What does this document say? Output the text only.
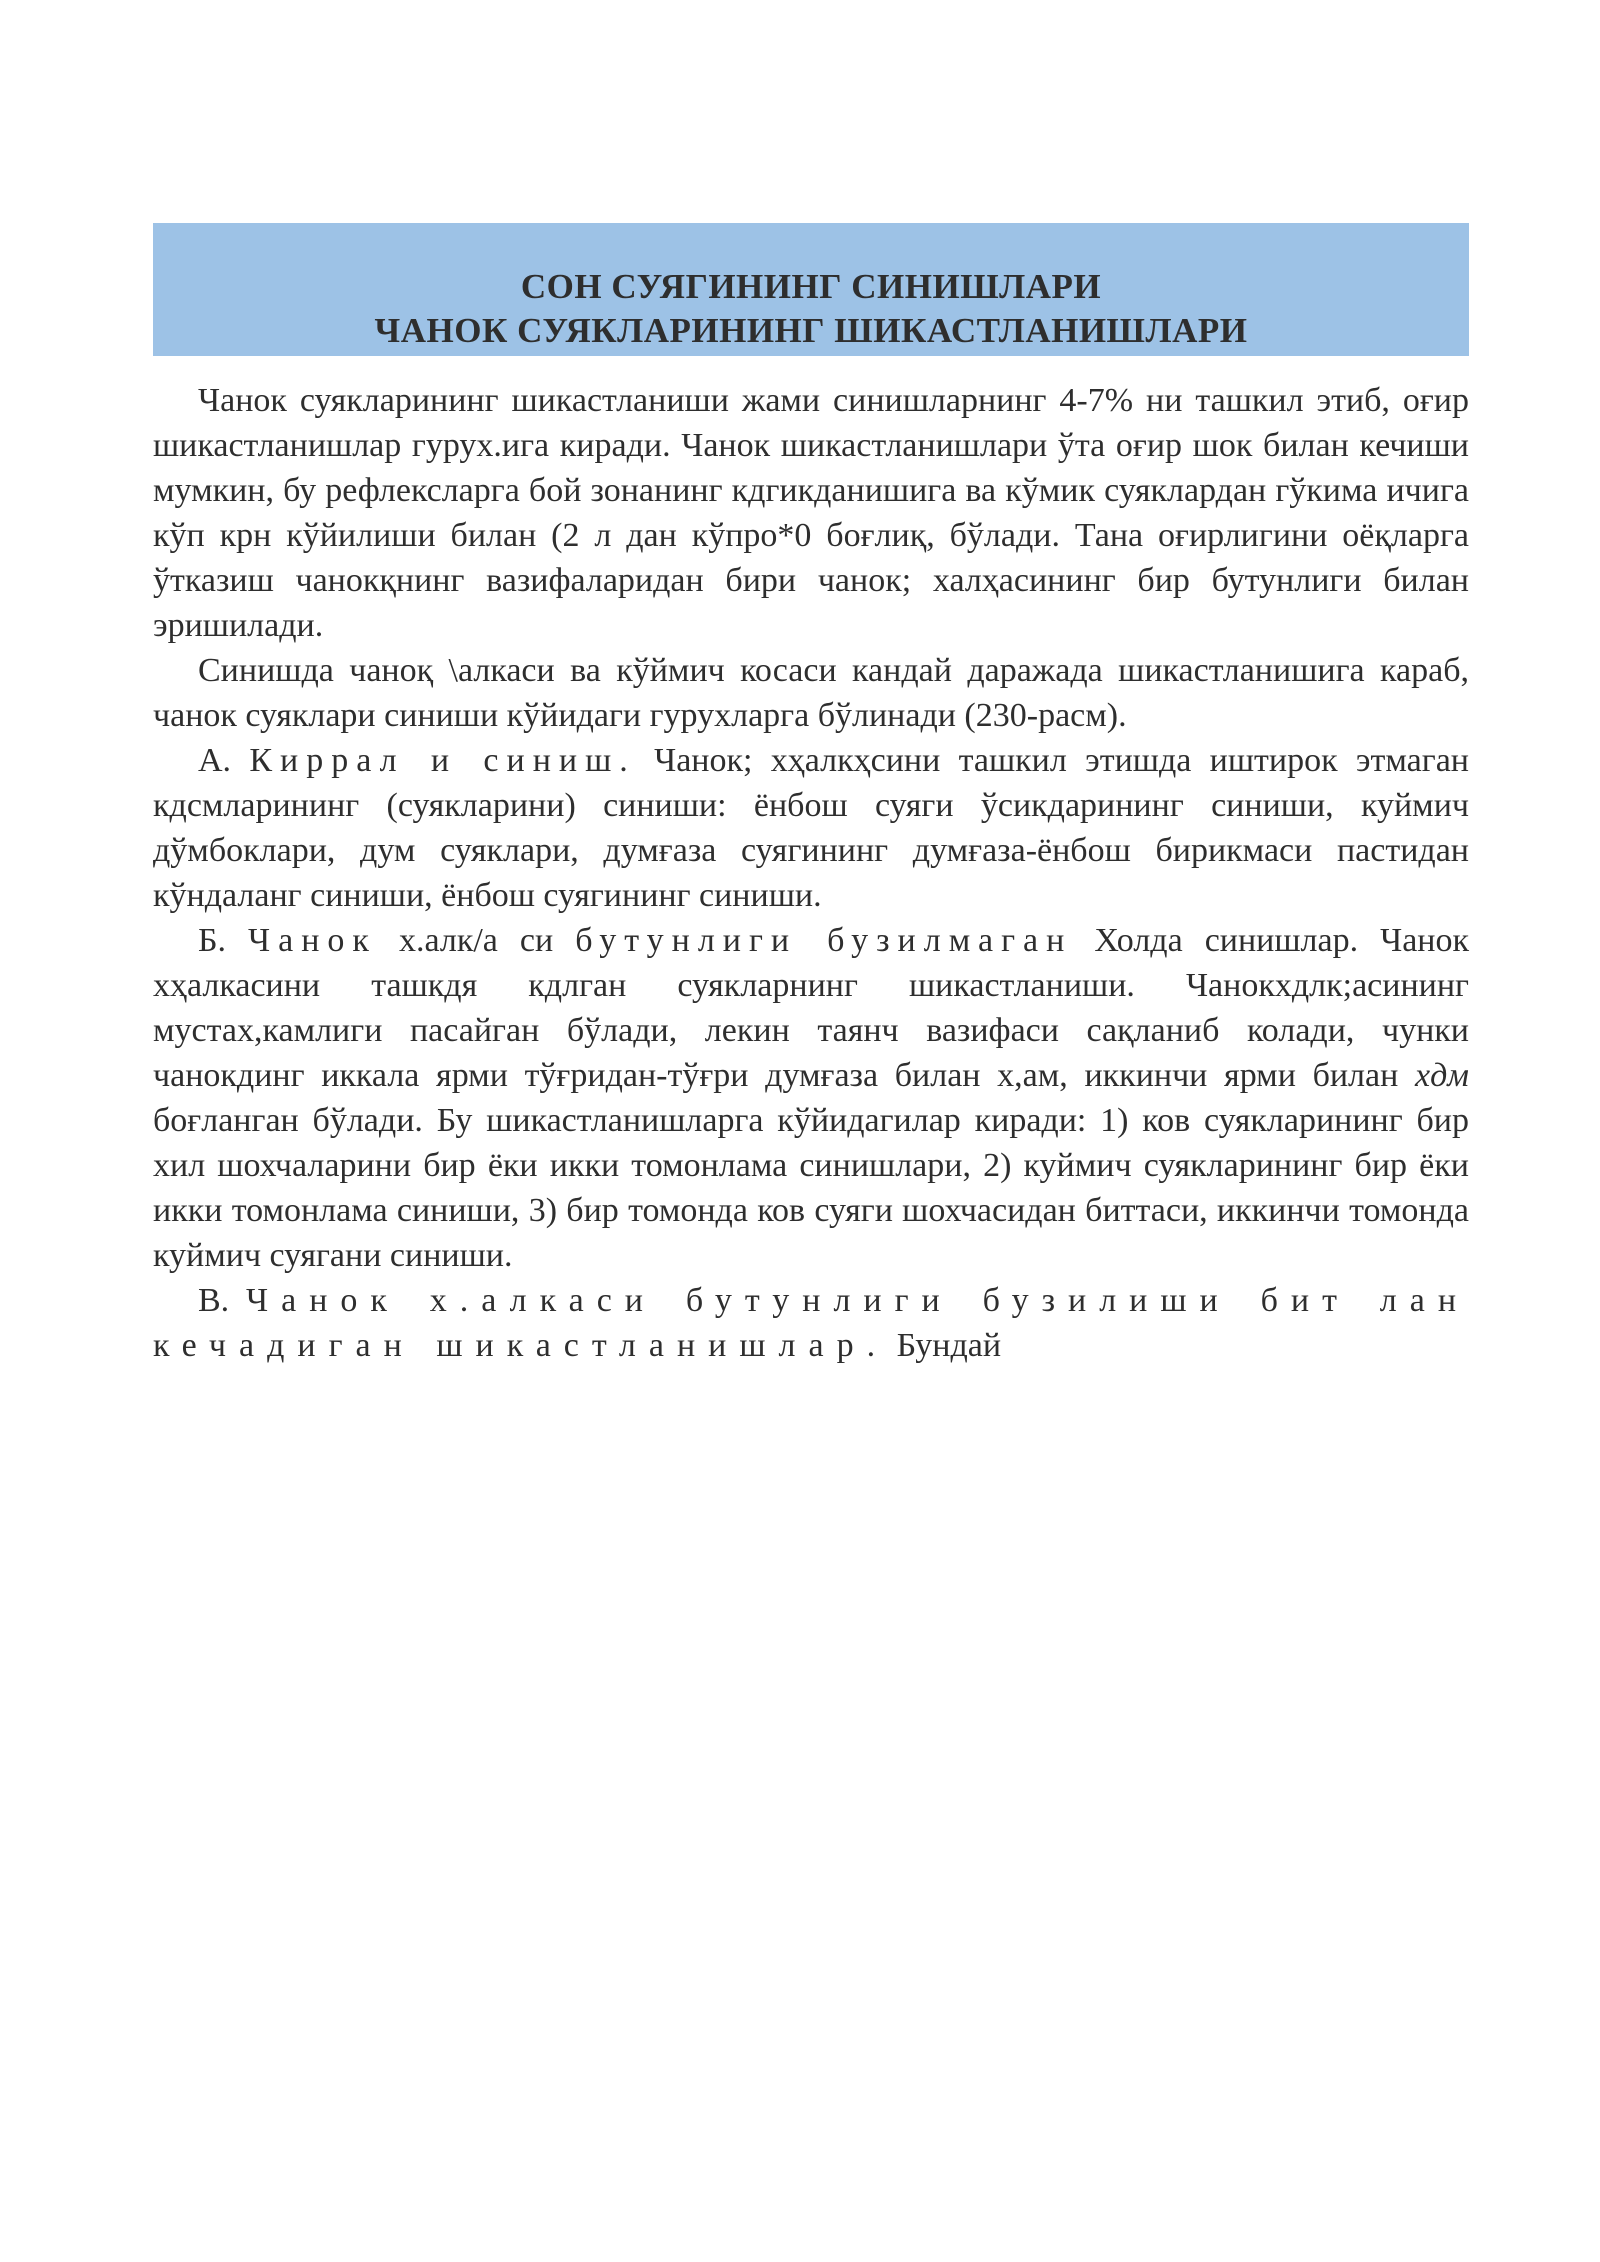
СОН СУЯГИНИНГ СИНИШЛАРИ
ЧАНОК СУЯКЛАРИНИНГ ШИКАСТЛАНИШЛАРИ

Чанок суякларининг шикастланиши жами синишларнинг 4-7% ни ташкил этиб, оғир шикастланишлар гурух.ига киради. Чанок шикастланишлари ўта оғир шок билан кечиши мумкин, бу рефлексларга бой зонанинг кдгикданишига ва кўмик суяклардан гўкима ичига кўп крн кўйилиши билан (2 л дан кўпро*0 боғлиқ, бўлади. Тана оғирлигини оёқларга ўтказиш чанокқнинг вазифаларидан бири чанок; халҳасининг бир бутунлиги билан эришилади.

Синишда чаноқ \алкаси ва кўймич косаси кандай даражада шикастланишига караб, чанок суяклари синиши кўйидаги гурухларга бўлинади (230-расм).

А. Киррал и синиш. Чанок; хҳалкҳсини ташкил этишда иштирок этмаган кдсмларининг (суякларини) синиши: ёнбош суяги ўсикдарининг синиши, куймич дўмбоклари, дум суяклари, думғаза суягининг думғаза-ёнбош бирикмаси пастидан кўндаланг синиши, ёнбош суягининг синиши.

Б. Чанок х.алк/а си бутунлиги бузилмаган Холда синишлар. Чанок хҳалкасини ташкдя кдлган суякларнинг шикастланиши. Чанокхдлк;асининг мустах,камлиги пасайган бўлади, лекин таянч вазифаси сақланиб колади, чунки чанокдинг иккала ярми тўғридан-тўғри думғаза билан х,ам, иккинчи ярми билан хдм боғланган бўлади. Бу шикастланишларга кўйидагилар киради: 1) ков суякларининг бир хил шохчаларини бир ёки икки томонлама синишлари, 2) куймич суякларининг бир ёки икки томонлама синиши, 3) бир томонда ков суяги шохчасидан биттаси, иккинчи томонда куймич суягани синиши.

В. Чанок х.алкаси бутунлиги бузилиши бит лан кечадиган шикастланишлар. Бундай
